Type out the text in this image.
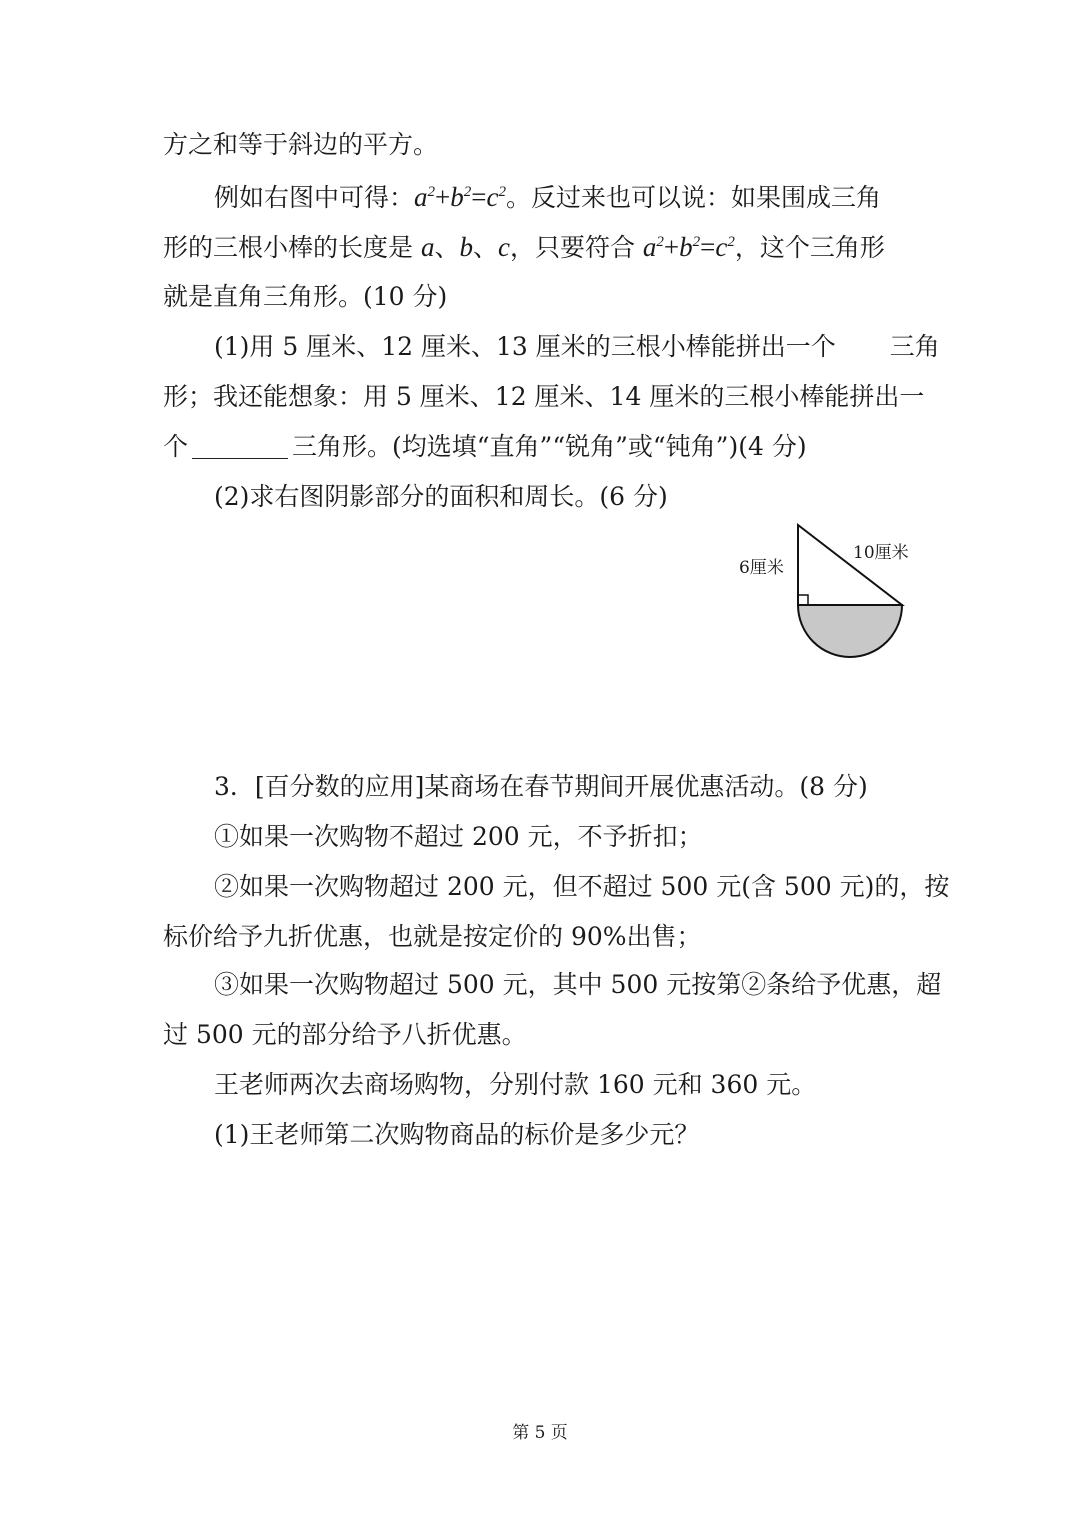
方之和等于斜边的平方。
例如右图中可得：$a^2+b^2=c^2$。反过来也可以说：如果围成三角
形的三根小棒的长度是 a、b、c，只要符合 $a^2+b^2=c^2$，这个三角形
就是直角三角形。(10 分)
(1)用 5 厘米、12 厘米、13 厘米的三根小棒能拼出一个 三角
形；我还能想象：用 5 厘米、12 厘米、14 厘米的三根小棒能拼出一
个	三角形。(均选填“直角”“锐角”或“钝角”)(4 分)
(2)求右图阴影部分的面积和周长。(6 分)
6厘米
10厘米
3．[百分数的应用]某商场在春节期间开展优惠活动。(8 分)
①如果一次购物不超过 200 元，不予折扣；
②如果一次购物超过 200 元，但不超过 500 元(含 500 元)的，按
标价给予九折优惠，也就是按定价的 90%出售；
③如果一次购物超过 500 元，其中 500 元按第②条给予优惠，超
过 500 元的部分给予八折优惠。
王老师两次去商场购物，分别付款 160 元和 360 元。
(1)王老师第二次购物商品的标价是多少元？
第 5 页
